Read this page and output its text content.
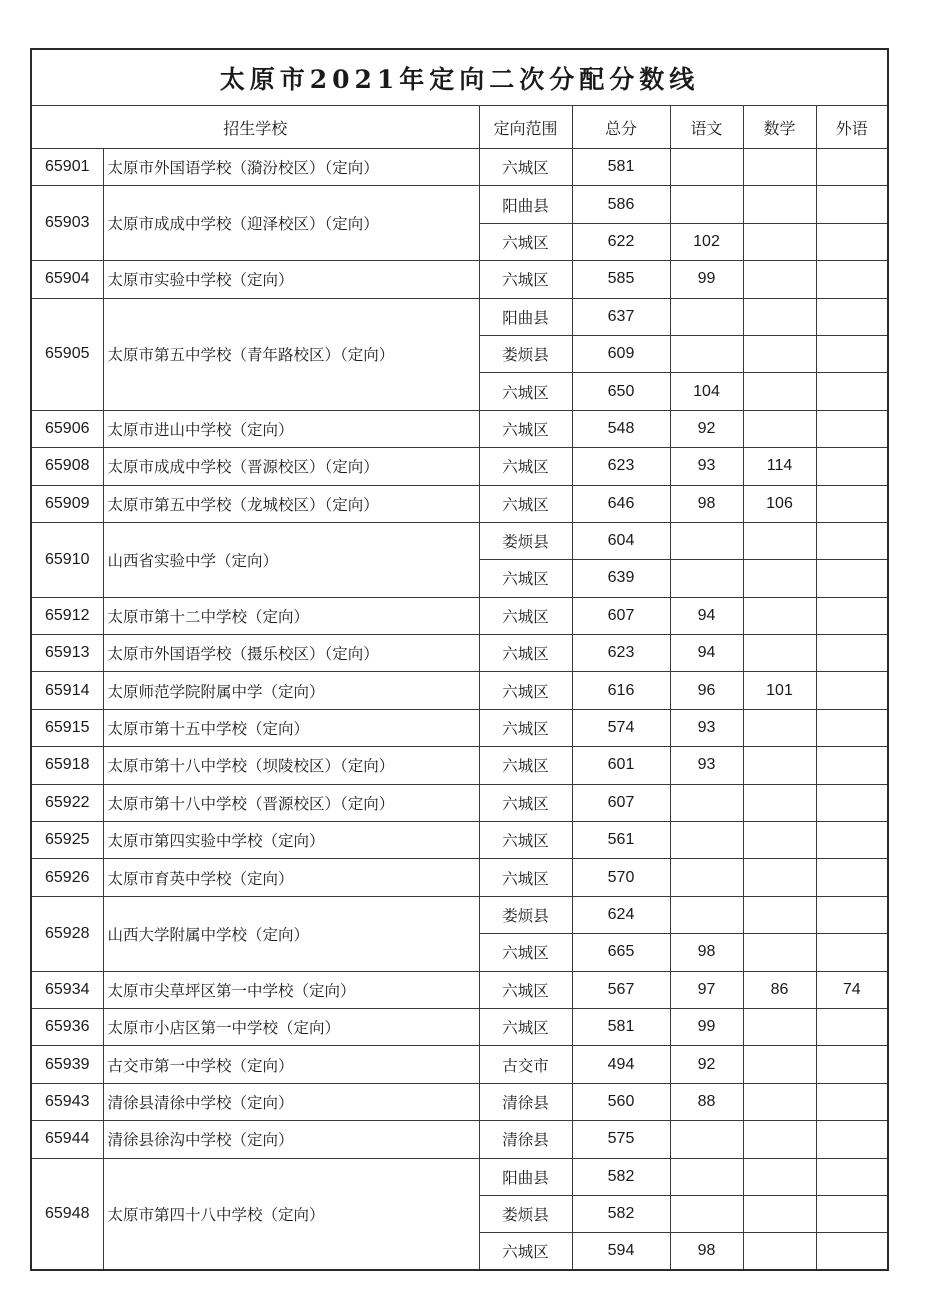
太原市2021年定向二次分配分数线						
招生学校		定向范围	总分	语文	数学	外语
65901	太原市外国语学校（漪汾校区）（定向）	六城区	581			
65903	太原市成成中学校（迎泽校区）（定向）	阳曲县	586			
		六城区	622	102		
65904	太原市实验中学校（定向）	六城区	585	99		
65905	太原市第五中学校（青年路校区）（定向）	阳曲县	637			
		娄烦县	609			
		六城区	650	104		
65906	太原市进山中学校（定向）	六城区	548	92		
65908	太原市成成中学校（晋源校区）（定向）	六城区	623	93	114	
65909	太原市第五中学校（龙城校区）（定向）	六城区	646	98	106	
65910	山西省实验中学（定向）	娄烦县	604			
		六城区	639			
65912	太原市第十二中学校（定向）	六城区	607	94		
65913	太原市外国语学校（摄乐校区）（定向）	六城区	623	94		
65914	太原师范学院附属中学（定向）	六城区	616	96	101	
65915	太原市第十五中学校（定向）	六城区	574	93		
65918	太原市第十八中学校（坝陵校区）（定向）	六城区	601	93		
65922	太原市第十八中学校（晋源校区）（定向）	六城区	607			
65925	太原市第四实验中学校（定向）	六城区	561			
65926	太原市育英中学校（定向）	六城区	570			
65928	山西大学附属中学校（定向）	娄烦县	624			
		六城区	665	98		
65934	太原市尖草坪区第一中学校（定向）	六城区	567	97	86	74
65936	太原市小店区第一中学校（定向）	六城区	581	99		
65939	古交市第一中学校（定向）	古交市	494	92		
65943	清徐县清徐中学校（定向）	清徐县	560	88		
65944	清徐县徐沟中学校（定向）	清徐县	575			
65948	太原市第四十八中学校（定向）	阳曲县	582			
		娄烦县	582			
		六城区	594	98		
